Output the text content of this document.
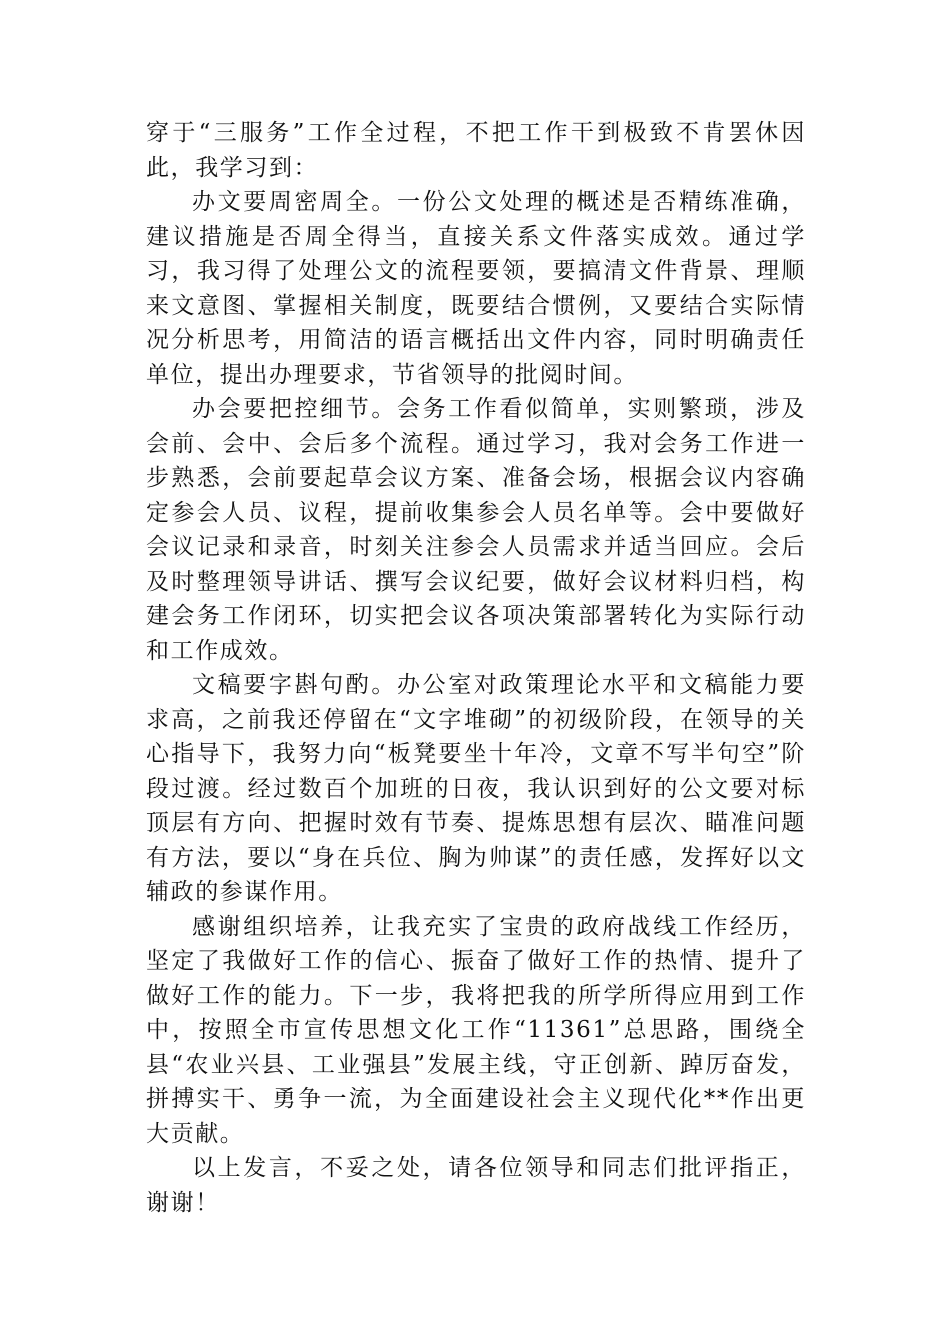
穿于“三服务”工作全过程，不把工作干到极致不肯罢休因此，我学习到：

办文要周密周全。一份公文处理的概述是否精练准确，建议措施是否周全得当，直接关系文件落实成效。通过学习，我习得了处理公文的流程要领，要搞清文件背景、理顺来文意图、掌握相关制度，既要结合惯例，又要结合实际情况分析思考，用简洁的语言概括出文件内容，同时明确责任单位，提出办理要求，节省领导的批阅时间。

办会要把控细节。会务工作看似简单，实则繁琐，涉及会前、会中、会后多个流程。通过学习，我对会务工作进一步熟悉，会前要起草会议方案、准备会场，根据会议内容确定参会人员、议程，提前收集参会人员名单等。会中要做好会议记录和录音，时刻关注参会人员需求并适当回应。会后及时整理领导讲话、撰写会议纪要，做好会议材料归档，构建会务工作闭环，切实把会议各项决策部署转化为实际行动和工作成效。

文稿要字斟句酌。办公室对政策理论水平和文稿能力要求高，之前我还停留在“文字堆砌”的初级阶段，在领导的关心指导下，我努力向“板凳要坐十年冷，文章不写半句空”阶段过渡。经过数百个加班的日夜，我认识到好的公文要对标顶层有方向、把握时效有节奏、提炼思想有层次、瞄准问题有方法，要以“身在兵位、胸为帅谋”的责任感，发挥好以文辅政的参谋作用。

感谢组织培养，让我充实了宝贵的政府战线工作经历，坚定了我做好工作的信心、振奋了做好工作的热情、提升了做好工作的能力。下一步，我将把我的所学所得应用到工作中，按照全市宣传思想文化工作“11361”总思路，围绕全县“农业兴县、工业强县”发展主线，守正创新、踔厉奋发，拼搏实干、勇争一流，为全面建设社会主义现代化**作出更大贡献。

以上发言，不妥之处，请各位领导和同志们批评指正，谢谢！
